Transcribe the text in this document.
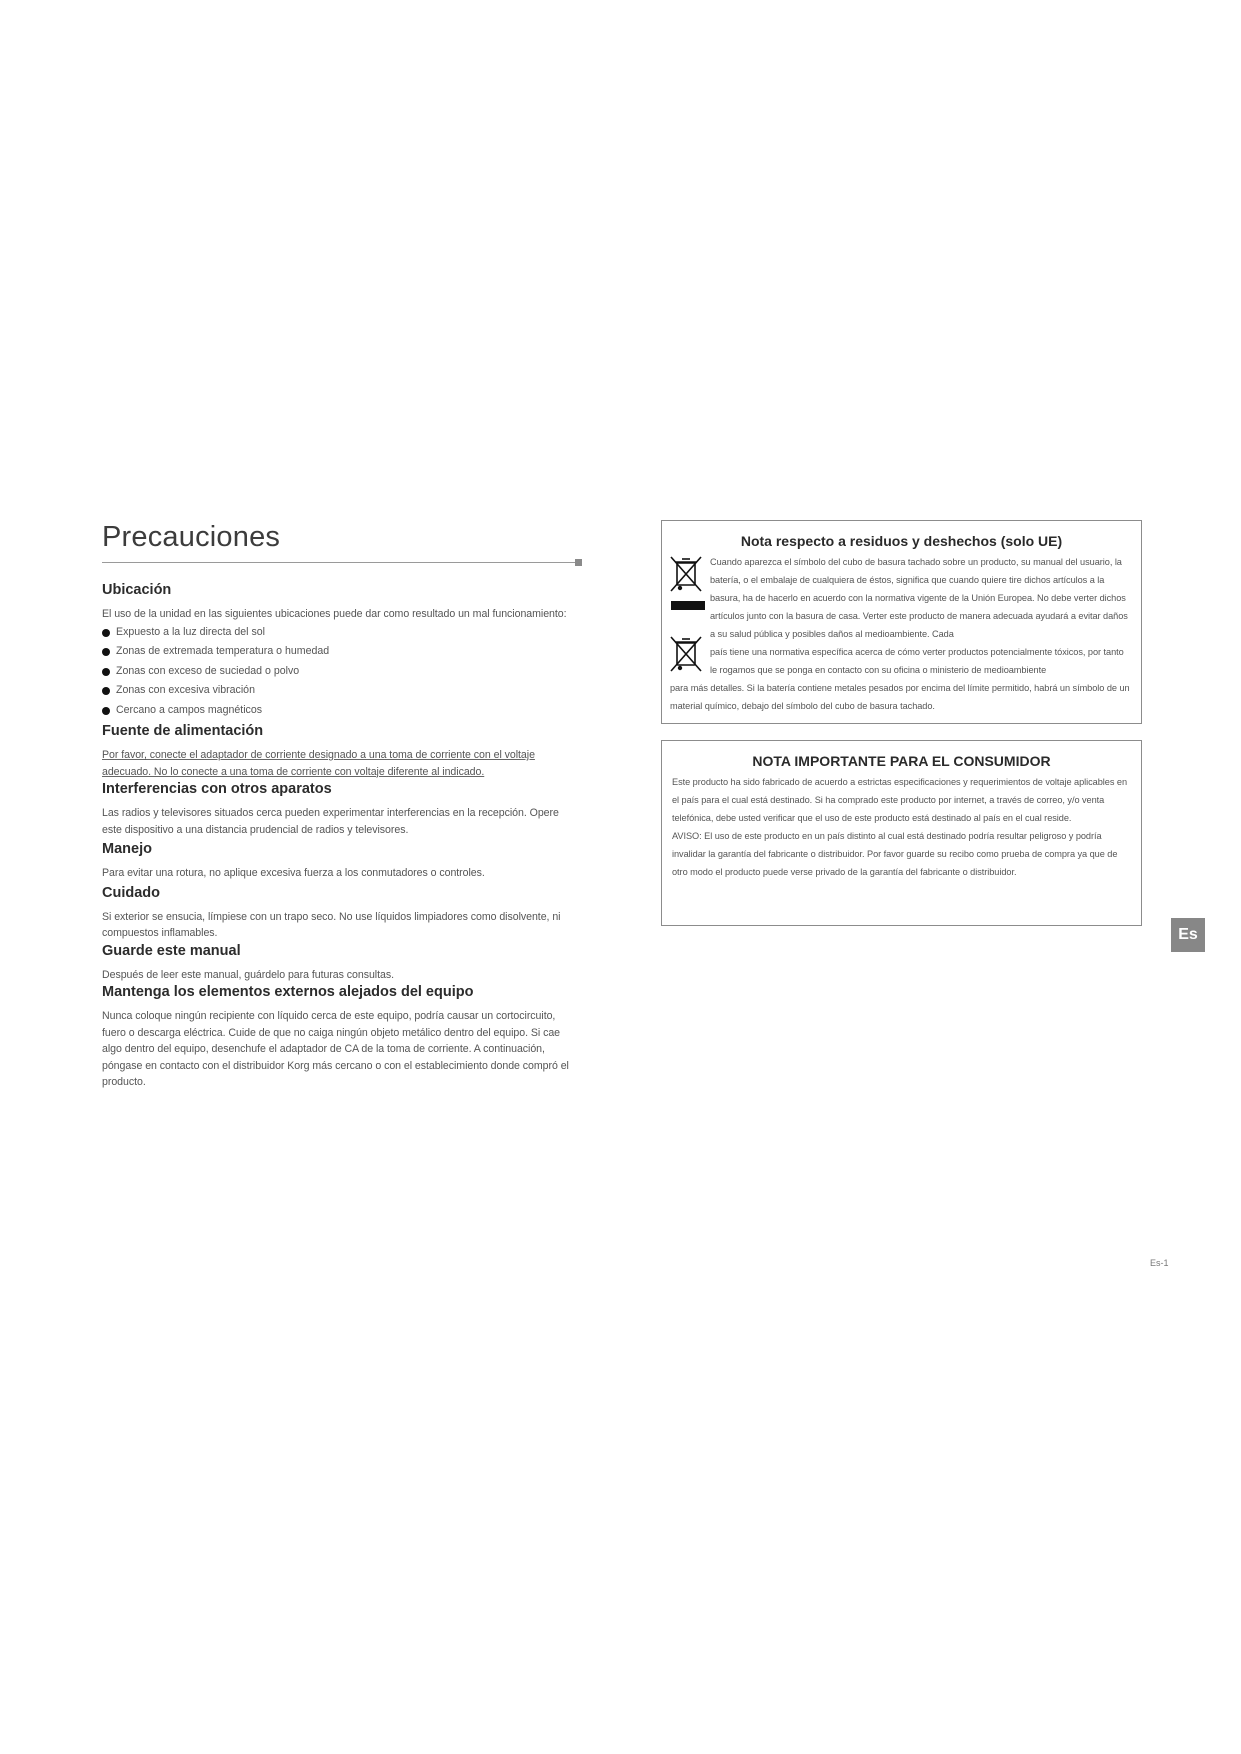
Precauciones
Ubicación

El uso de la unidad en las siguientes ubicaciones puede dar como resultado un mal funcionamiento:

Expuesto a la luz directa del sol
Zonas de extremada temperatura o humedad
Zonas con exceso de suciedad o polvo
Zonas con excesiva vibración
Cercano a campos magnéticos
Fuente de alimentación

Por favor, conecte el adaptador de corriente designado a una toma de corriente con el voltaje adecuado. No lo conecte a una toma de corriente con voltaje diferente al indicado.

Interferencias con otros aparatos

Las radios y televisores situados cerca pueden experimentar interferencias en la recepción. Opere este dispositivo a una distancia prudencial de radios y televisores.

Manejo

Para evitar una rotura, no aplique excesiva fuerza a los conmutadores o controles.

Cuidado

Si exterior se ensucia, límpiese con un trapo seco. No use líquidos limpiadores como disolvente, ni compuestos inflamables.

Guarde este manual

Después de leer este manual, guárdelo para futuras consultas.

Mantenga los elementos externos alejados del equipo

Nunca coloque ningún recipiente con líquido cerca de este equipo, podría causar un cortocircuito, fuero o descarga eléctrica. Cuide de que no caiga ningún objeto metálico dentro del equipo. Si cae algo dentro del equipo, desenchufe el adaptador de CA de la toma de corriente. A continuación, póngase en contacto con el distribuidor Korg más cercano o con el establecimiento donde compró el producto.

Nota respecto a residuos y deshechos (solo UE)

Cuando aparezca el símbolo del cubo de basura tachado sobre un producto, su manual del usuario, la batería, o el embalaje de cualquiera de éstos, significa que cuando quiere tire dichos artículos a la basura, ha de hacerlo en acuerdo con la normativa vigente de la Unión Europea. No debe verter dichos artículos junto con la basura de casa. Verter este producto de manera adecuada ayudará a evitar daños a su salud pública y posibles daños al medioambiente. Cada

país tiene una normativa específica acerca de cómo verter productos potencialmente tóxicos, por tanto le rogamos que se ponga en contacto con su oficina o ministerio de medioambiente

para más detalles. Si la batería contiene metales pesados por encima del límite permitido, habrá un símbolo de un material químico, debajo del símbolo del cubo de basura tachado.

NOTA IMPORTANTE PARA EL CONSUMIDOR

Este producto ha sido fabricado de acuerdo a estrictas especificaciones y requerimientos de voltaje aplicables en el país para el cual está destinado. Si ha comprado este producto por internet, a través de correo, y/o venta telefónica, debe usted verificar que el uso de este producto está destinado al país en el cual reside.

AVISO: El uso de este producto en un país distinto al cual está destinado podría resultar peligroso y podría invalidar la garantía del fabricante o distribuidor. Por favor guarde su recibo como prueba de compra ya que de otro modo el producto puede verse privado de la garantía del fabricante o distribuidor.

Es
Es-1
